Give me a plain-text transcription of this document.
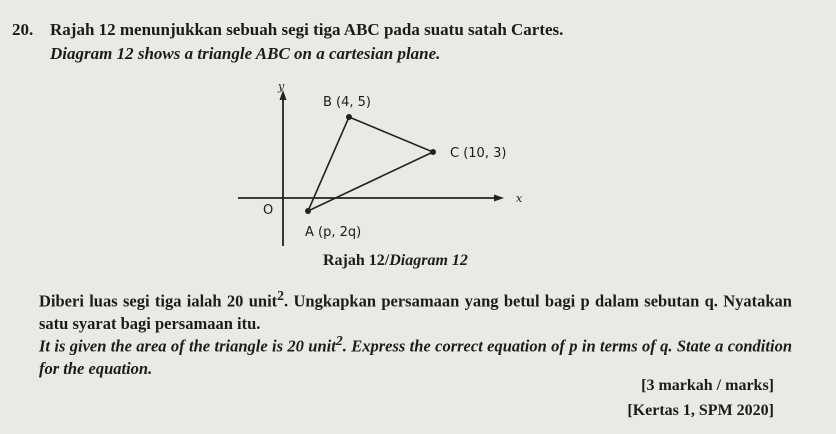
20. Rajah 12 menunjukkan sebuah segi tiga ABC pada suatu satah Cartes.
Diagram 12 shows a triangle ABC on a cartesian plane.
y
x
O
B (4, 5)
C (10, 3)
A (p, 2q)
Rajah 12/Diagram 12
Diberi luas segi tiga ialah 20 unit$^2$. Ungkapkan persamaan yang betul bagi p dalam sebutan q. Nyatakan satu syarat bagi persamaan itu.
It is given the area of the triangle is 20 unit$^2$. Express the correct equation of p in terms of q. State a condition for the equation.
[3 markah / marks]
[Kertas 1, SPM 2020]
